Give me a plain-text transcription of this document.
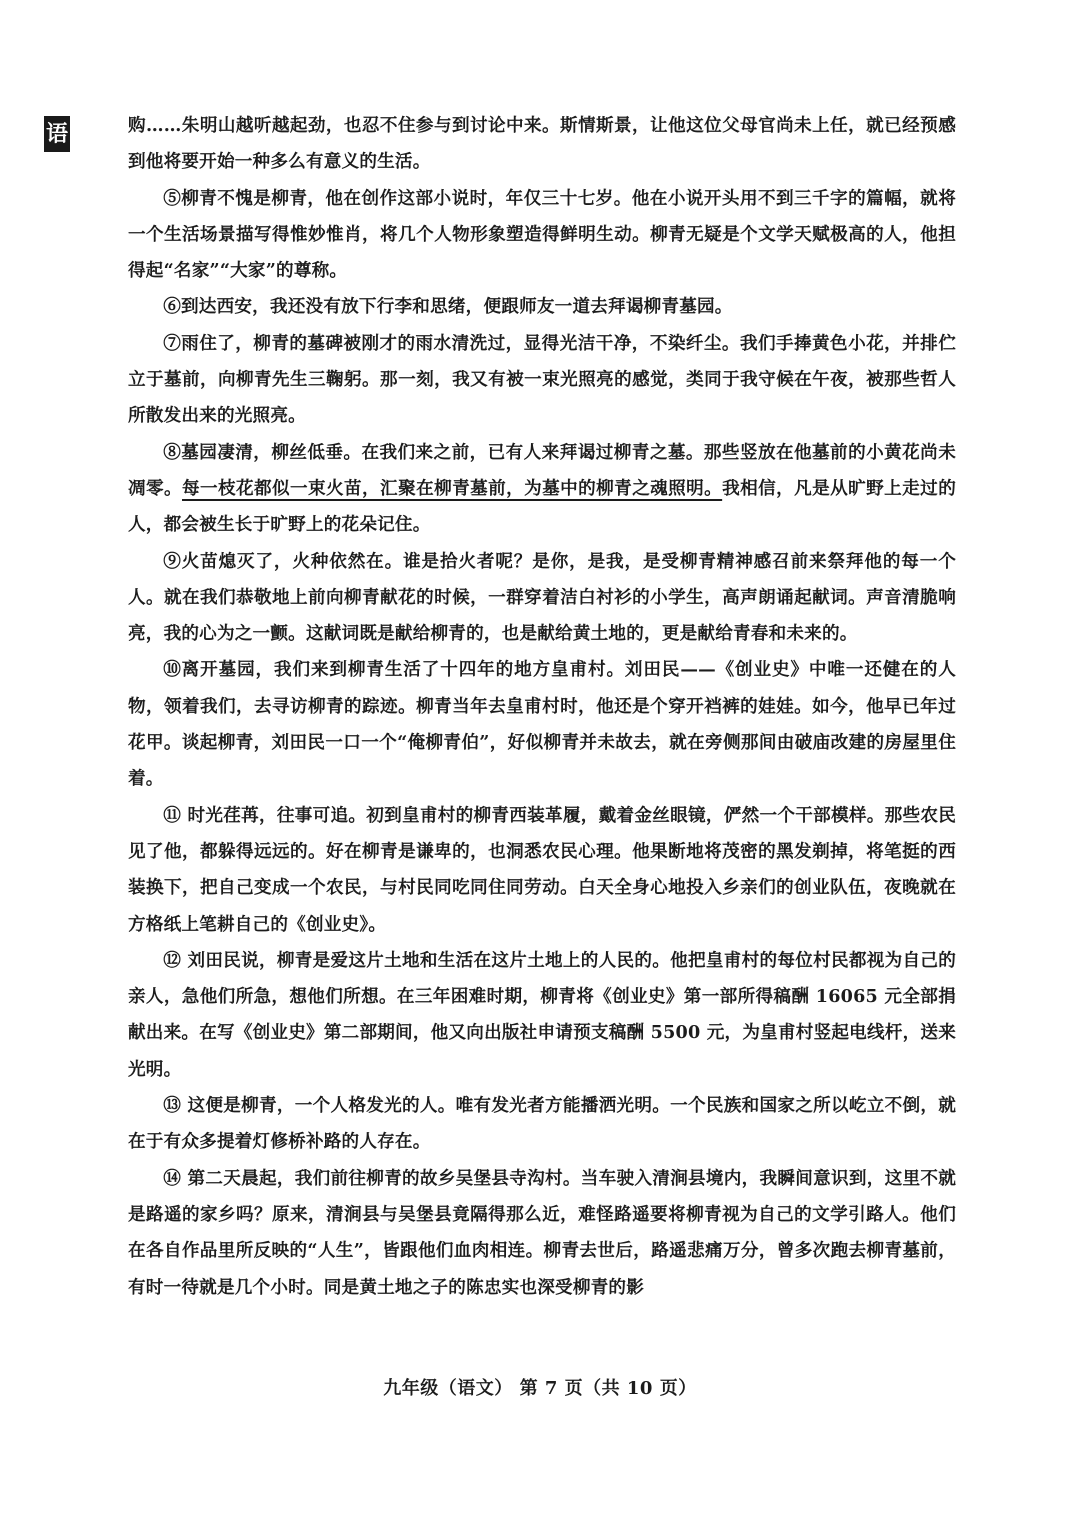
语	购……朱明山越听越起劲，也忍不住参与到讨论中来。斯情斯景，让他这位父母官尚未上任，就已经预感到他将要开始一种多么有意义的生活。

⑤柳青不愧是柳青，他在创作这部小说时，年仅三十七岁。他在小说开头用不到三千字的篇幅，就将一个生活场景描写得惟妙惟肖，将几个人物形象塑造得鲜明生动。柳青无疑是个文学天赋极高的人，他担得起“名家”“大家”的尊称。

⑥到达西安，我还没有放下行李和思绪，便跟师友一道去拜谒柳青墓园。

⑦雨住了，柳青的墓碑被刚才的雨水清洗过，显得光洁干净，不染纤尘。我们手捧黄色小花，并排伫立于墓前，向柳青先生三鞠躬。那一刻，我又有被一束光照亮的感觉，类同于我守候在午夜，被那些哲人所散发出来的光照亮。

⑧墓园凄清，柳丝低垂。在我们来之前，已有人来拜谒过柳青之墓。那些竖放在他墓前的小黄花尚未凋零。每一枝花都似一束火苗，汇聚在柳青墓前，为墓中的柳青之魂照明。我相信，凡是从旷野上走过的人，都会被生长于旷野上的花朵记住。

⑨火苗熄灭了，火种依然在。谁是拾火者呢？是你，是我，是受柳青精神感召前来祭拜他的每一个人。就在我们恭敬地上前向柳青献花的时候，一群穿着洁白衬衫的小学生，高声朗诵起献词。声音清脆响亮，我的心为之一颤。这献词既是献给柳青的，也是献给黄土地的，更是献给青春和未来的。

⑩离开墓园，我们来到柳青生活了十四年的地方皇甫村。刘田民——《创业史》中唯一还健在的人物，领着我们，去寻访柳青的踪迹。柳青当年去皇甫村时，他还是个穿开裆裤的娃娃。如今，他早已年过花甲。谈起柳青，刘田民一口一个“俺柳青伯”，好似柳青并未故去，就在旁侧那间由破庙改建的房屋里住着。

⑪ 时光荏苒，往事可追。初到皇甫村的柳青西装革履，戴着金丝眼镜，俨然一个干部模样。那些农民见了他，都躲得远远的。好在柳青是谦卑的，也洞悉农民心理。他果断地将茂密的黑发剃掉，将笔挺的西装换下，把自己变成一个农民，与村民同吃同住同劳动。白天全身心地投入乡亲们的创业队伍，夜晚就在方格纸上笔耕自己的《创业史》。

⑫ 刘田民说，柳青是爱这片土地和生活在这片土地上的人民的。他把皇甫村的每位村民都视为自己的亲人，急他们所急，想他们所想。在三年困难时期，柳青将《创业史》第一部所得稿酬 16065 元全部捐献出来。在写《创业史》第二部期间，他又向出版社申请预支稿酬 5500 元，为皇甫村竖起电线杆，送来光明。

⑬ 这便是柳青，一个人格发光的人。唯有发光者方能播洒光明。一个民族和国家之所以屹立不倒，就在于有众多提着灯修桥补路的人存在。

⑭ 第二天晨起，我们前往柳青的故乡吴堡县寺沟村。当车驶入清涧县境内，我瞬间意识到，这里不就是路遥的家乡吗？原来，清涧县与吴堡县竟隔得那么近，难怪路遥要将柳青视为自己的文学引路人。他们在各自作品里所反映的“人生”，皆跟他们血肉相连。柳青去世后，路遥悲痛万分，曾多次跑去柳青墓前，有时一待就是几个小时。同是黄土地之子的陈忠实也深受柳青的影

九年级（语文） 第 7 页（共 10 页）
